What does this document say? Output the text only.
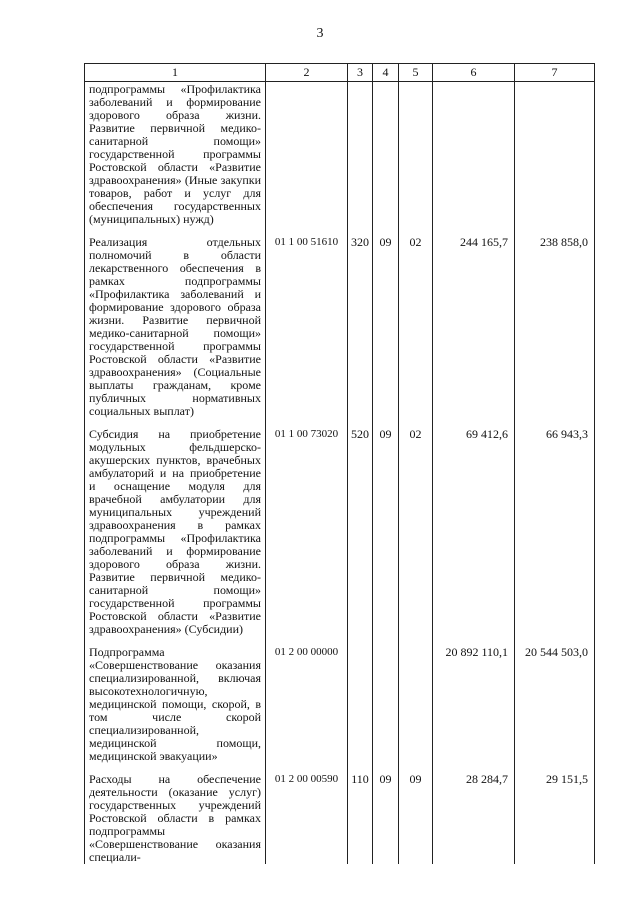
3
1	2	3	4	5	6	7
подпрограммы «Профилактика заболеваний и формирование здорового образа жизни. Развитие первичной медико-санитарной помощи» государственной программы Ростовской области «Развитие здравоохранения» (Иные закупки товаров, работ и услуг для обеспечения государственных (муниципальных) нужд)						
Реализация отдельных полномочий в области лекарственного обеспечения в рамках подпрограммы «Профилактика заболеваний и формирование здорового образа жизни. Развитие первичной медико-санитарной помощи» государственной программы Ростовской области «Развитие здравоохранения» (Социальные выплаты гражданам, кроме публичных нормативных социальных выплат)	01 1 00 51610	320	09	02	244 165,7	238 858,0
Субсидия на приобретение модульных фельдшерско-акушерских пунктов, врачебных амбулаторий и на приобретение и оснащение модуля для врачебной амбулатории для муниципальных учреждений здравоохранения в рамках подпрограммы «Профилактика заболеваний и формирование здорового образа жизни. Развитие первичной медико-санитарной помощи» государственной программы Ростовской области «Развитие здравоохранения» (Субсидии)	01 1 00 73020	520	09	02	69 412,6	66 943,3
Подпрограмма «Совершенствование оказания специализированной, включая высокотехнологичную, медицинской помощи, скорой, в том числе скорой специализированной, медицинской помощи, медицинской эвакуации»	01 2 00 00000				20 892 110,1	20 544 503,0
Расходы на обеспечение деятельности (оказание услуг) государственных учреждений Ростовской области в рамках подпрограммы «Совершенствование оказания специали-	01 2 00 00590	110	09	09	28 284,7	29 151,5
